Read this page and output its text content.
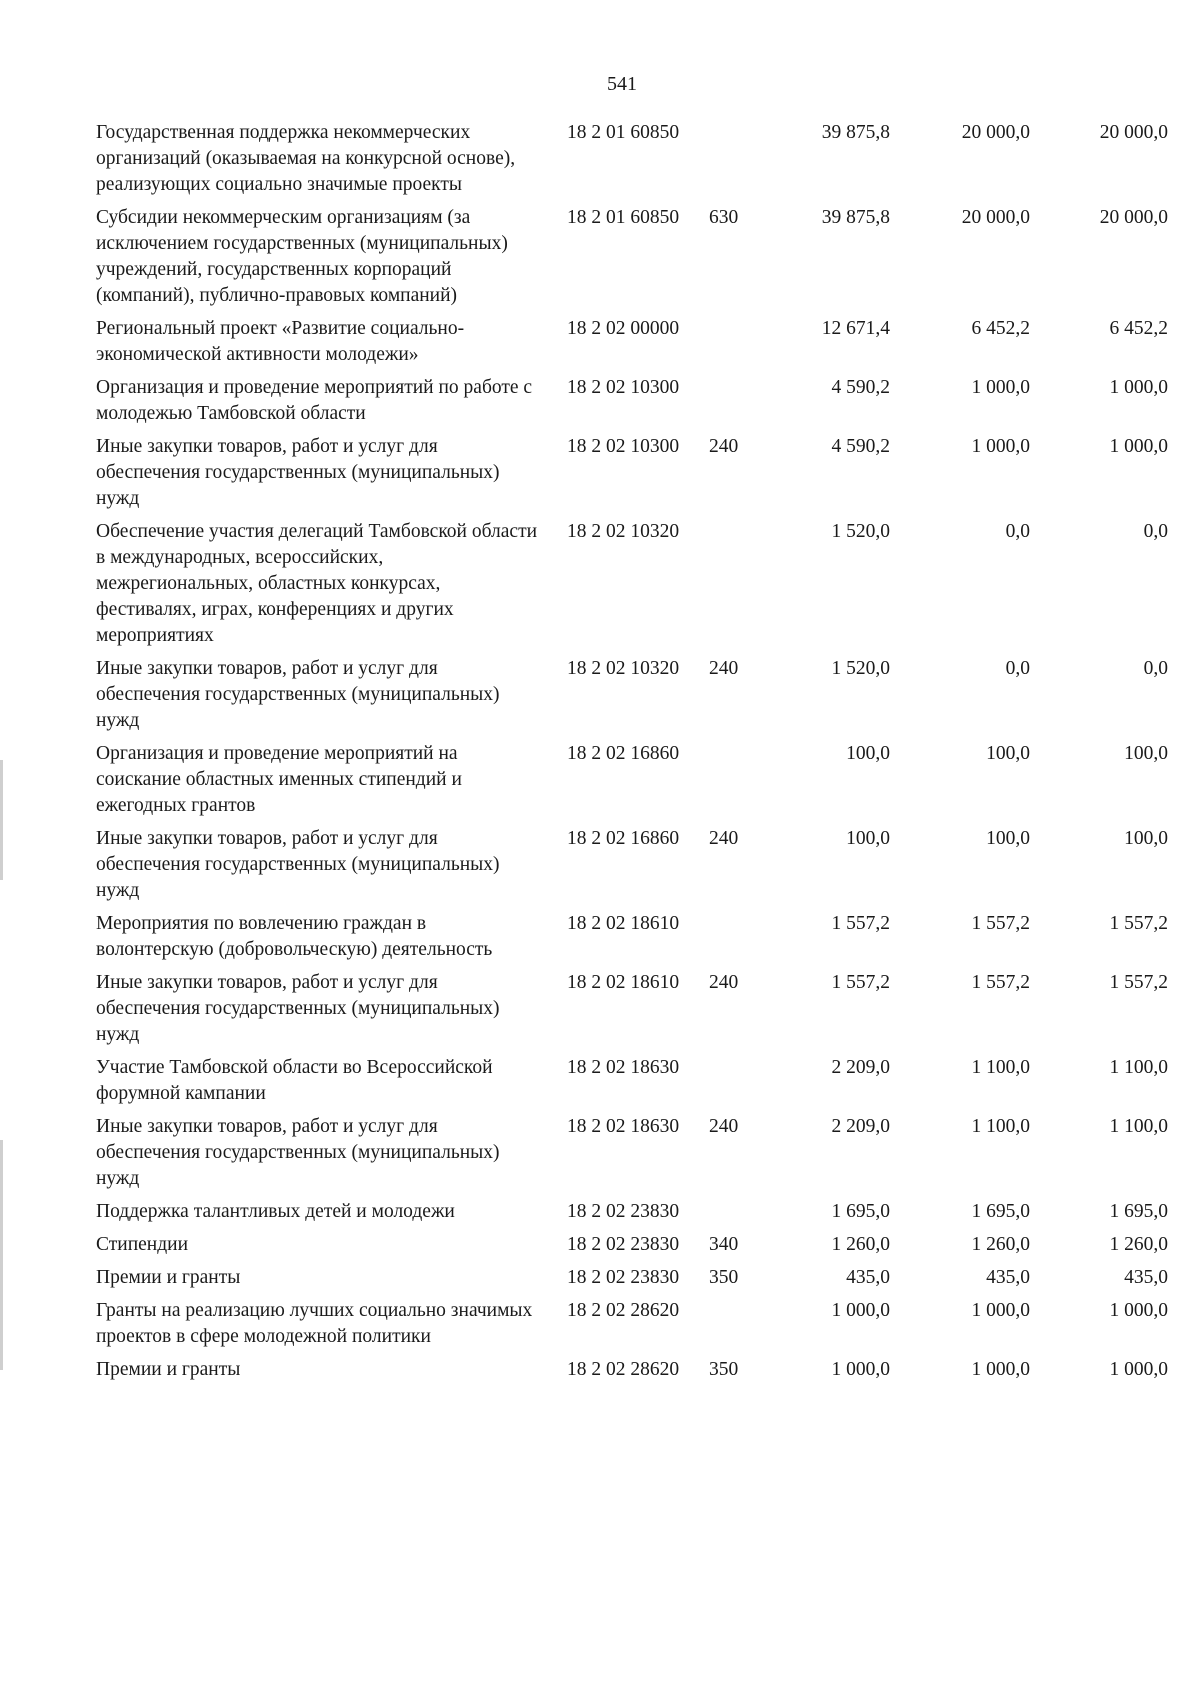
541
Государственная поддержка некоммерческих организаций (оказываемая на конкурсной основе), реализующих социально значимые проекты
18 2 01 60850	39 875,8	20 000,0	20 000,0
Субсидии некоммерческим организациям (за исключением государственных (муниципальных) учреждений, государственных корпораций (компаний), публично-правовых компаний)
18 2 01 60850 630	39 875,8	20 000,0	20 000,0
Региональный проект «Развитие социально-экономической активности молодежи»
18 2 02 00000	12 671,4	6 452,2	6 452,2
Организация и проведение мероприятий по работе с молодежью Тамбовской области
18 2 02 10300	4 590,2	1 000,0	1 000,0
Иные закупки товаров, работ и услуг для обеспечения государственных (муниципальных) нужд
18 2 02 10300 240	4 590,2	1 000,0	1 000,0
Обеспечение участия делегаций Тамбовской области в международных, всероссийских, межрегиональных, областных конкурсах, фестивалях, играх, конференциях и других мероприятиях
18 2 02 10320	1 520,0	0,0	0,0
Иные закупки товаров, работ и услуг для обеспечения государственных (муниципальных) нужд
18 2 02 10320 240	1 520,0	0,0	0,0
Организация и проведение мероприятий на соискание областных именных стипендий и ежегодных грантов
18 2 02 16860	100,0	100,0	100,0
Иные закупки товаров, работ и услуг для обеспечения государственных (муниципальных) нужд
18 2 02 16860 240	100,0	100,0	100,0
Мероприятия по вовлечению граждан в волонтерскую (добровольческую) деятельность
18 2 02 18610	1 557,2	1 557,2	1 557,2
Иные закупки товаров, работ и услуг для обеспечения государственных (муниципальных) нужд
18 2 02 18610 240	1 557,2	1 557,2	1 557,2
Участие Тамбовской области во Всероссийской форумной кампании
18 2 02 18630	2 209,0	1 100,0	1 100,0
Иные закупки товаров, работ и услуг для обеспечения государственных (муниципальных) нужд
18 2 02 18630 240	2 209,0	1 100,0	1 100,0
Поддержка талантливых детей и молодежи	18 2 02 23830	1 695,0	1 695,0	1 695,0
Стипендии	18 2 02 23830 340	1 260,0	1 260,0	1 260,0
Премии и гранты	18 2 02 23830 350	435,0	435,0	435,0
Гранты на реализацию лучших социально значимых проектов в сфере молодежной политики
18 2 02 28620	1 000,0	1 000,0	1 000,0
Премии и гранты	18 2 02 28620 350	1 000,0	1 000,0	1 000,0
